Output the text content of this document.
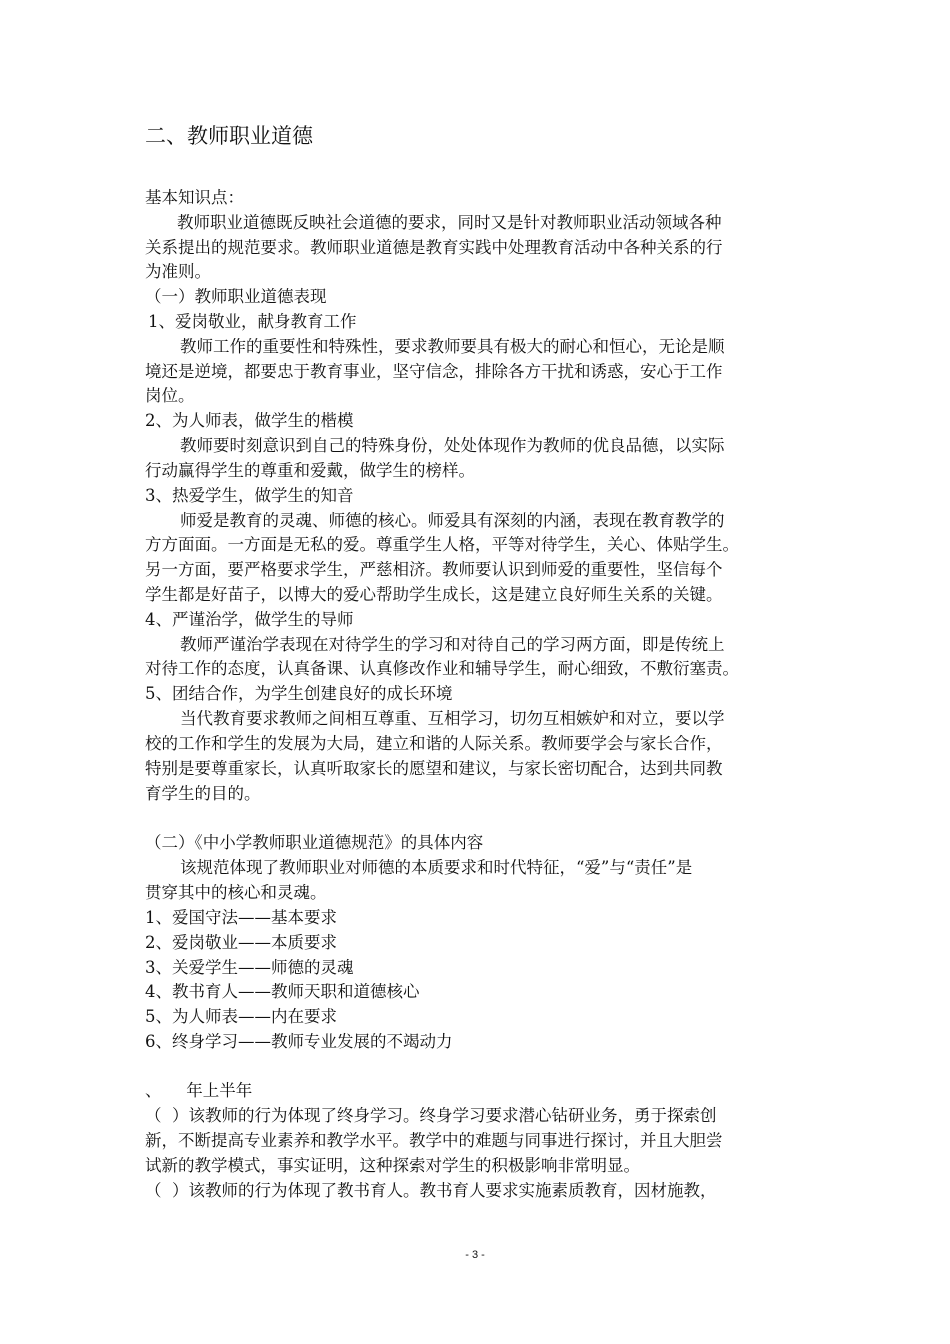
二、教师职业道德
基本知识点：
教师职业道德既反映社会道德的要求，同时又是针对教师职业活动领域各种
关系提出的规范要求。教师职业道德是教育实践中处理教育活动中各种关系的行
为准则。
（一）教师职业道德表现
1、爱岗敬业，献身教育工作
教师工作的重要性和特殊性，要求教师要具有极大的耐心和恒心，无论是顺
境还是逆境，都要忠于教育事业，坚守信念，排除各方干扰和诱惑，安心于工作
岗位。
2、为人师表，做学生的楷模
教师要时刻意识到自己的特殊身份，处处体现作为教师的优良品德，以实际
行动赢得学生的尊重和爱戴，做学生的榜样。
3、热爱学生，做学生的知音
师爱是教育的灵魂、师德的核心。师爱具有深刻的内涵，表现在教育教学的
方方面面。一方面是无私的爱。尊重学生人格，平等对待学生，关心、体贴学生。
另一方面，要严格要求学生，严慈相济。教师要认识到师爱的重要性，坚信每个
学生都是好苗子，以博大的爱心帮助学生成长，这是建立良好师生关系的关键。
4、严谨治学，做学生的导师
教师严谨治学表现在对待学生的学习和对待自己的学习两方面，即是传统上
对待工作的态度，认真备课、认真修改作业和辅导学生，耐心细致，不敷衍塞责。
5、团结合作，为学生创建良好的成长环境
当代教育要求教师之间相互尊重、互相学习，切勿互相嫉妒和对立，要以学
校的工作和学生的发展为大局，建立和谐的人际关系。教师要学会与家长合作，
特别是要尊重家长，认真听取家长的愿望和建议，与家长密切配合，达到共同教
育学生的目的。
（二）《中小学教师职业道德规范》的具体内容
该规范体现了教师职业对师德的本质要求和时代特征，“爱”与“责任”是
贯穿其中的核心和灵魂。
1、爱国守法——基本要求
2、爱岗敬业——本质要求
3、关爱学生——师德的灵魂
4、教书育人——教师天职和道德核心
5、为人师表——内在要求
6、终身学习——教师专业发展的不竭动力
、　　年上半年
（  ）该教师的行为体现了终身学习。终身学习要求潜心钻研业务，勇于探索创
新，不断提高专业素养和教学水平。教学中的难题与同事进行探讨，并且大胆尝
试新的教学模式，事实证明，这种探索对学生的积极影响非常明显。
（  ）该教师的行为体现了教书育人。教书育人要求实施素质教育，因材施教，
- 3 -
